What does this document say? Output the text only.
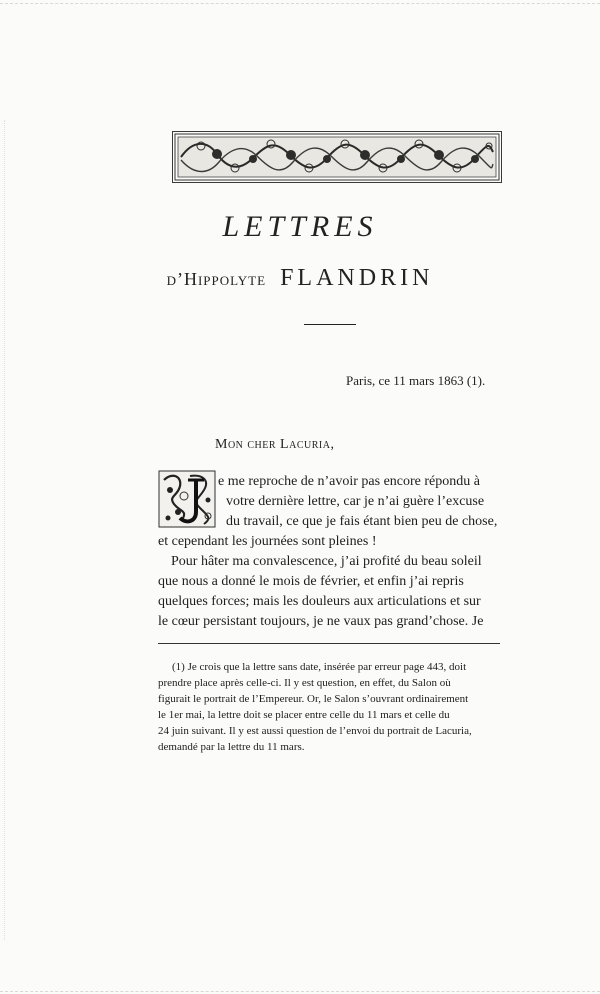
LETTRES
d’Hippolyte FLANDRIN
Paris, ce 11 mars 1863 (1).
Mon cher Lacuria,
e me reproche de n’avoir pas encore répondu à
votre dernière lettre, car je n’ai guère l’excuse
du travail, ce que je fais étant bien peu de chose,
et cependant les journées sont pleines !
Pour hâter ma convalescence, j’ai profité du beau soleil
que nous a donné le mois de février, et enfin j’ai repris
quelques forces; mais les douleurs aux articulations et sur
le cœur persistant toujours, je ne vaux pas grand’chose. Je
(1) Je crois que la lettre sans date, insérée par erreur page 443, doit
prendre place après celle-ci. Il y est question, en effet, du Salon où
figurait le portrait de l’Empereur. Or, le Salon s’ouvrant ordinairement
le 1er mai, la lettre doit se placer entre celle du 11 mars et celle du
24 juin suivant. Il y est aussi question de l’envoi du portrait de Lacuria,
demandé par la lettre du 11 mars.
